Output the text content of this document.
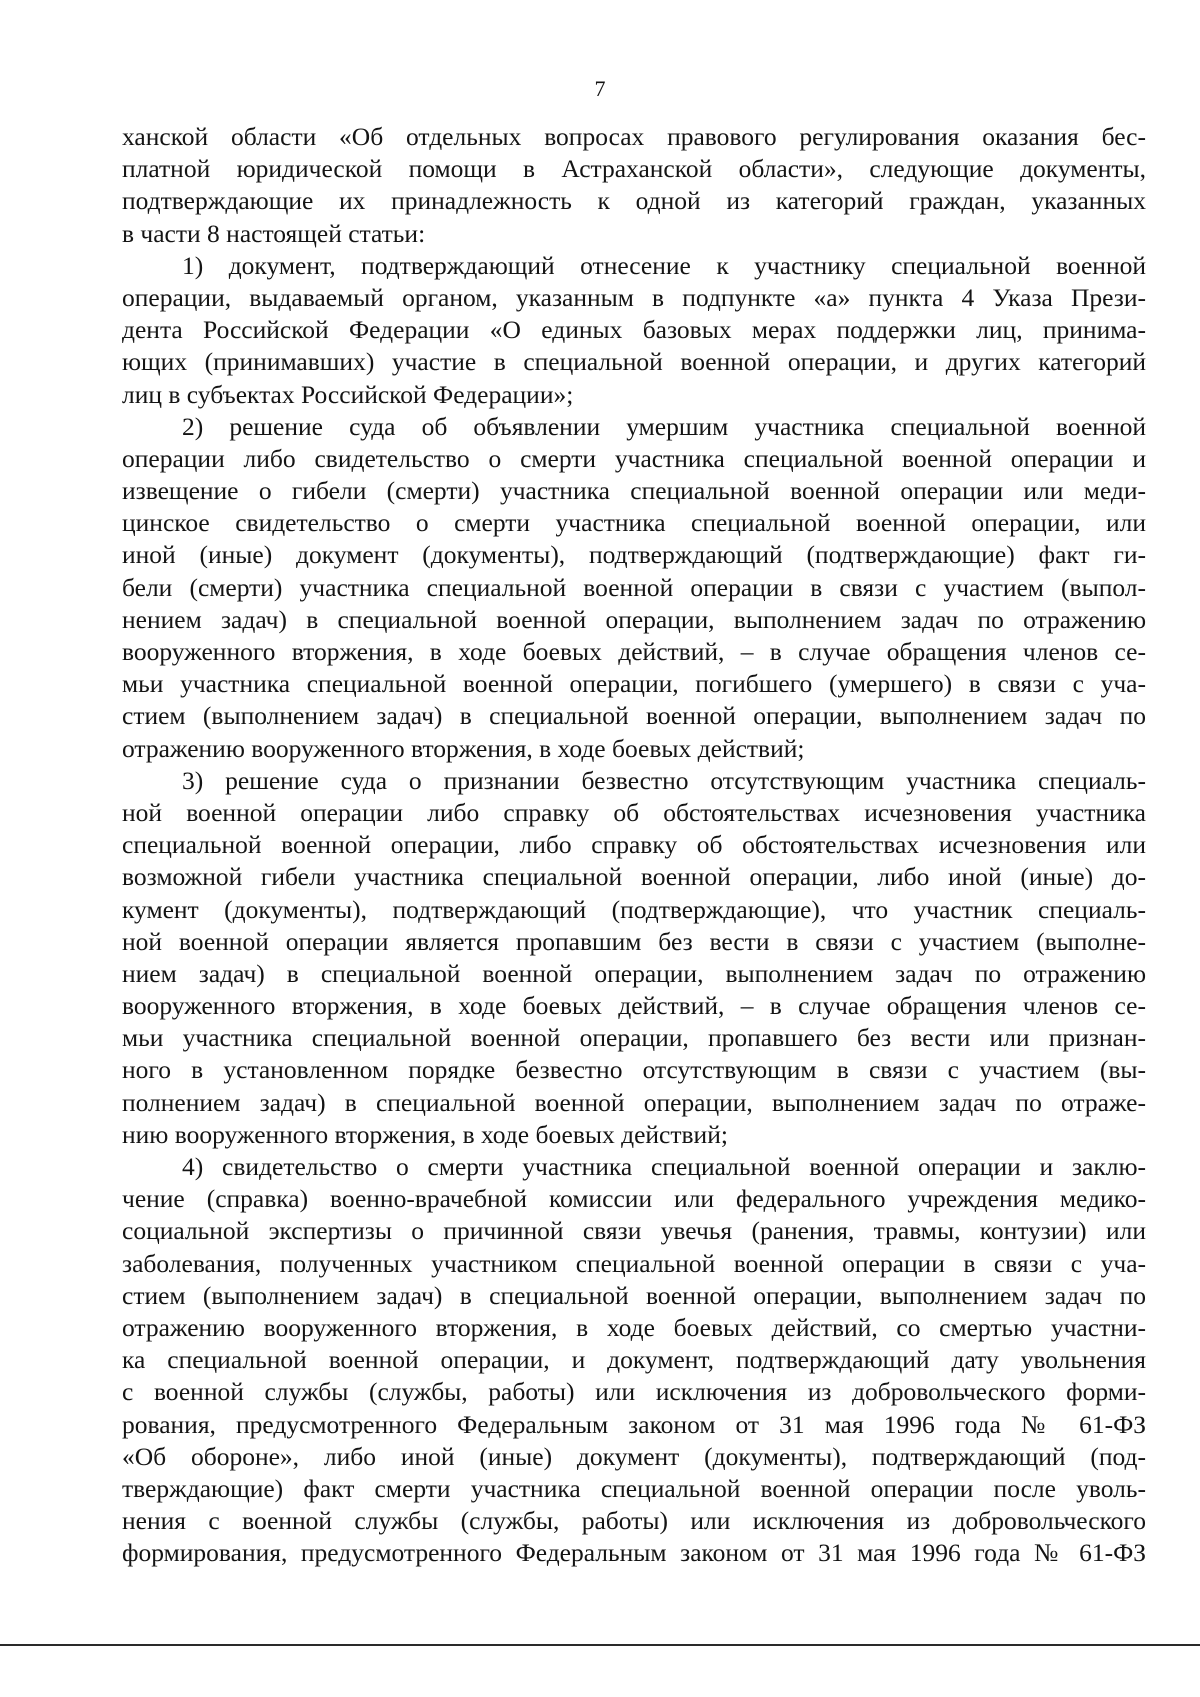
7
ханской области «Об отдельных вопросах правового регулирования оказания бес-
платной юридической помощи в Астраханской области», следующие документы,
подтверждающие их принадлежность к одной из категорий граждан, указанных
в части 8 настоящей статьи:
1) документ, подтверждающий отнесение к участнику специальной военной
операции, выдаваемый органом, указанным в подпункте «а» пункта 4 Указа Прези-
дента Российской Федерации «О единых базовых мерах поддержки лиц, принима-
ющих (принимавших) участие в специальной военной операции, и других категорий
лиц в субъектах Российской Федерации»;
2) решение суда об объявлении умершим участника специальной военной
операции либо свидетельство о смерти участника специальной военной операции и
извещение о гибели (смерти) участника специальной военной операции или меди-
цинское свидетельство о смерти участника специальной военной операции, или
иной (иные) документ (документы), подтверждающий (подтверждающие) факт ги-
бели (смерти) участника специальной военной операции в связи с участием (выпол-
нением задач) в специальной военной операции, выполнением задач по отражению
вооруженного вторжения, в ходе боевых действий, – в случае обращения членов се-
мьи участника специальной военной операции, погибшего (умершего) в связи с уча-
стием (выполнением задач) в специальной военной операции, выполнением задач по
отражению вооруженного вторжения, в ходе боевых действий;
3) решение суда о признании безвестно отсутствующим участника специаль-
ной военной операции либо справку об обстоятельствах исчезновения участника
специальной военной операции, либо справку об обстоятельствах исчезновения или
возможной гибели участника специальной военной операции, либо иной (иные) до-
кумент (документы), подтверждающий (подтверждающие), что участник специаль-
ной военной операции является пропавшим без вести в связи с участием (выполне-
нием задач) в специальной военной операции, выполнением задач по отражению
вооруженного вторжения, в ходе боевых действий, – в случае обращения членов се-
мьи участника специальной военной операции, пропавшего без вести или признан-
ного в установленном порядке безвестно отсутствующим в связи с участием (вы-
полнением задач) в специальной военной операции, выполнением задач по отраже-
нию вооруженного вторжения, в ходе боевых действий;
4) свидетельство о смерти участника специальной военной операции и заклю-
чение (справка) военно-врачебной комиссии или федерального учреждения медико-
социальной экспертизы о причинной связи увечья (ранения, травмы, контузии) или
заболевания, полученных участником специальной военной операции в связи с уча-
стием (выполнением задач) в специальной военной операции, выполнением задач по
отражению вооруженного вторжения, в ходе боевых действий, со смертью участни-
ка специальной военной операции, и документ, подтверждающий дату увольнения
с военной службы (службы, работы) или исключения из добровольческого форми-
рования, предусмотренного Федеральным законом от 31 мая 1996 года № 61-ФЗ
«Об обороне», либо иной (иные) документ (документы), подтверждающий (под-
тверждающие) факт смерти участника специальной военной операции после уволь-
нения с военной службы (службы, работы) или исключения из добровольческого
формирования, предусмотренного Федеральным законом от 31 мая 1996 года № 61-ФЗ
